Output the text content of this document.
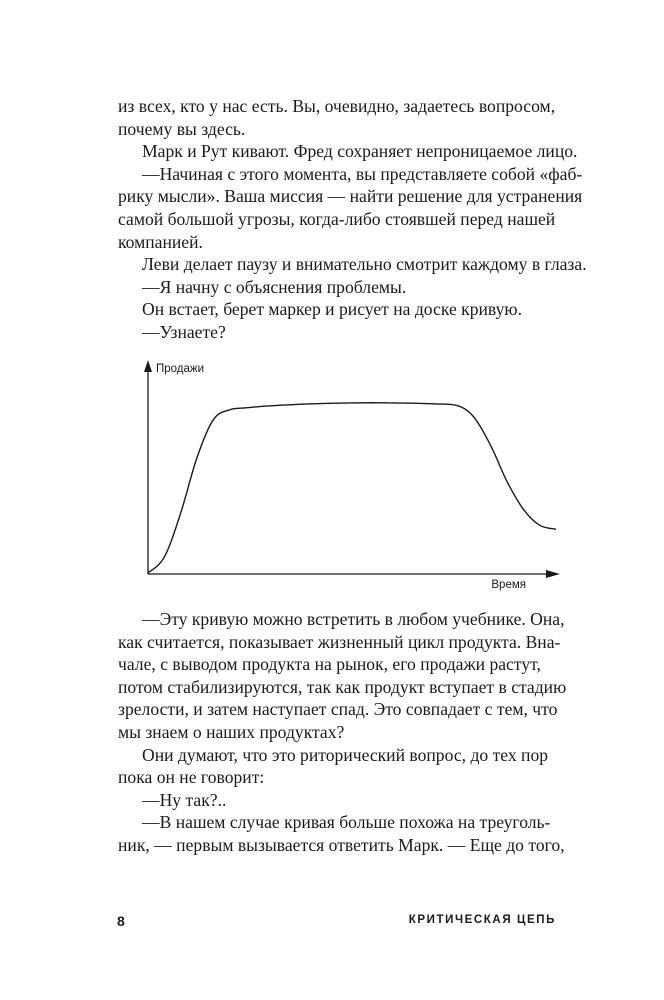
из всех, кто у нас есть. Вы, очевидно, задаетесь вопросом,

почему вы здесь.

Марк и Рут кивают. Фред сохраняет непроницаемое лицо.

—Начиная с этого момента, вы представляете собой «фаб-

рику мысли». Ваша миссия — найти решение для устранения

самой большой угрозы, когда-либо стоявшей перед нашей

компанией.

Леви делает паузу и внимательно смотрит каждому в глаза.

—Я начну с объяснения проблемы.

Он встает, берет маркер и рисует на доске кривую.

—Узнаете?

Продажи
Время

—Эту кривую можно встретить в любом учебнике. Она,

как считается, показывает жизненный цикл продукта. Вна-

чале, с выводом продукта на рынок, его продажи растут,

потом стабилизируются, так как продукт вступает в стадию

зрелости, и затем наступает спад. Это совпадает с тем, что

мы знаем о наших продуктах?

Они думают, что это риторический вопрос, до тех пор

пока он не говорит:

—Ну так?..

—В нашем случае кривая больше похожа на треуголь-

ник, — первым вызывается ответить Марк. — Еще до того,

8	КРИТИЧЕСКАЯ ЦЕПЬ
